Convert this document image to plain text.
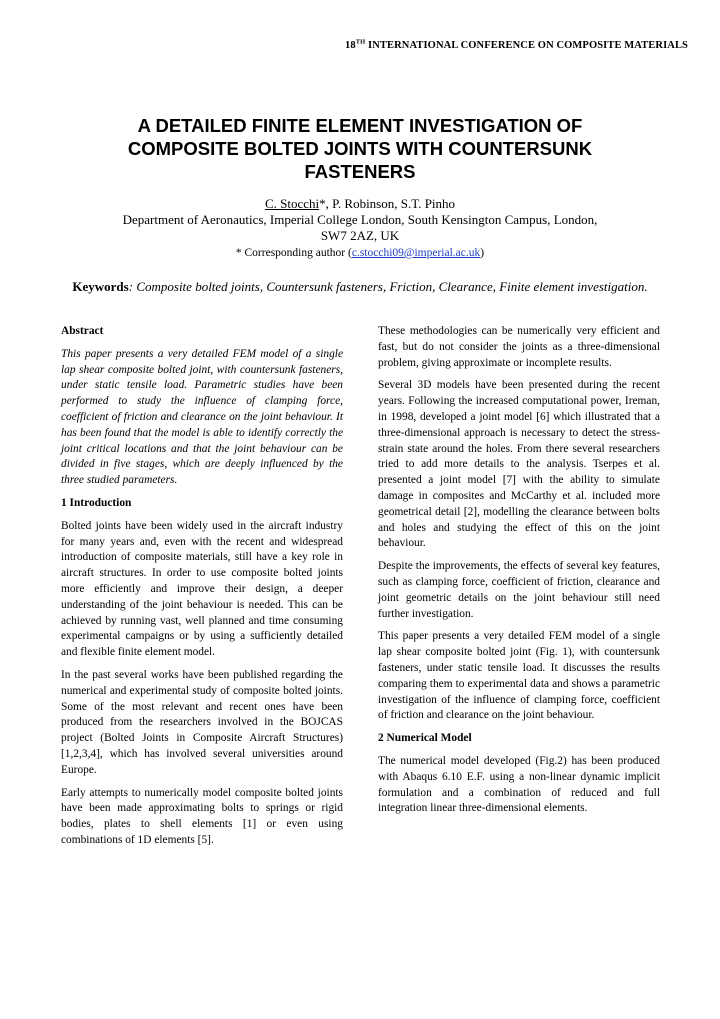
18TH INTERNATIONAL CONFERENCE ON COMPOSITE MATERIALS
A DETAILED FINITE ELEMENT INVESTIGATION OF
COMPOSITE BOLTED JOINTS WITH COUNTERSUNK
FASTENERS
C. Stocchi*, P. Robinson, S.T. Pinho
Department of Aeronautics, Imperial College London, South Kensington Campus, London,
SW7 2AZ, UK
* Corresponding author (c.stocchi09@imperial.ac.uk)
Keywords: Composite bolted joints, Countersunk fasteners, Friction, Clearance, Finite element investigation.
Abstract

This paper presents a very detailed FEM model of a single lap shear composite bolted joint, with countersunk fasteners, under static tensile load. Parametric studies have been performed to study the influence of clamping force, coefficient of friction and clearance on the joint behaviour. It has been found that the model is able to identify correctly the joint critical locations and that the joint behaviour can be divided in five stages, which are deeply influenced by the three studied parameters.

1 Introduction

Bolted joints have been widely used in the aircraft industry for many years and, even with the recent and widespread introduction of composite materials, still have a key role in aircraft structures. In order to use composite bolted joints more efficiently and improve their design, a deeper understanding of the joint behaviour is needed. This can be achieved by running vast, well planned and time consuming experimental campaigns or by using a sufficiently detailed and flexible finite element model.

In the past several works have been published regarding the numerical and experimental study of composite bolted joints. Some of the most relevant and recent ones have been produced from the researchers involved in the BOJCAS project (Bolted Joints in Composite Aircraft Structures) [1,2,3,4], which has involved several universities around Europe.

Early attempts to numerically model composite bolted joints have been made approximating bolts to springs or rigid bodies, plates to shell elements [1] or even using combinations of 1D elements [5].

These methodologies can be numerically very efficient and fast, but do not consider the joints as a three-dimensional problem, giving approximate or incomplete results.

Several 3D models have been presented during the recent years. Following the increased computational power, Ireman, in 1998, developed a joint model [6] which illustrated that a three-dimensional approach is necessary to detect the stress-strain state around the holes. From there several researchers tried to add more details to the analysis. Tserpes et al. presented a joint model [7] with the ability to simulate damage in composites and McCarthy et al. included more geometrical detail [2], modelling the clearance between bolts and holes and studying the effect of this on the joint behaviour.

Despite the improvements, the effects of several key features, such as clamping force, coefficient of friction, clearance and joint geometric details on the joint behaviour still need further investigation.

This paper presents a very detailed FEM model of a single lap shear composite bolted joint (Fig. 1), with countersunk fasteners, under static tensile load. It discusses the results comparing them to experimental data and shows a parametric investigation of the influence of clamping force, coefficient of friction and clearance on the joint behaviour.

2 Numerical Model

The numerical model developed (Fig.2) has been produced with Abaqus 6.10 E.F. using a non-linear dynamic implicit formulation and a combination of reduced and full integration linear three-dimensional elements.
